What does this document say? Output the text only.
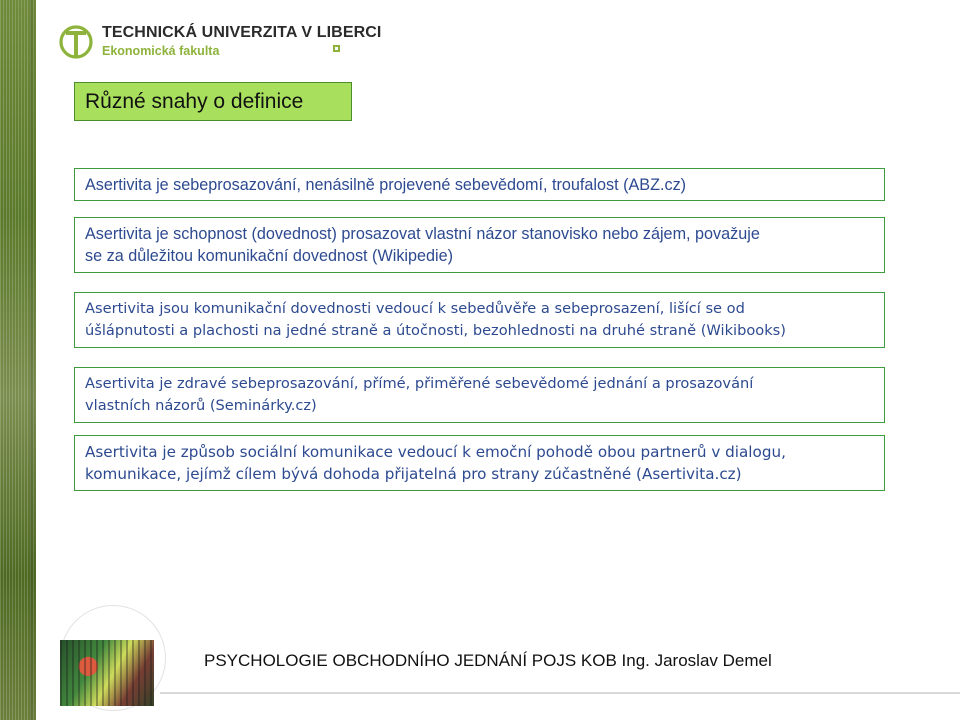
TECHNICKÁ UNIVERZITA V LIBERCI
Ekonomická fakulta
Různé snahy o definice
Asertivita je sebeprosazování, nenásilně projevené sebevědomí, troufalost (ABZ.cz)
Asertivita je schopnost (dovednost) prosazovat vlastní názor stanovisko nebo zájem, považuje
se za důležitou komunikační dovednost (Wikipedie)
Asertivita jsou komunikační dovednosti vedoucí k sebedůvěře a sebeprosazení, lišící se od
úšlápnutosti a plachosti na jedné straně a útočnosti, bezohlednosti na druhé straně (Wikibooks)
Asertivita je zdravé sebeprosazování, přímé, přiměřené sebevědomé jednání a prosazování
vlastních názorů (Seminárky.cz)
Asertivita je způsob sociální komunikace vedoucí k emoční pohodě obou partnerů v dialogu,
komunikace, jejímž cílem bývá dohoda přijatelná pro strany zúčastněné (Asertivita.cz)
PSYCHOLOGIE OBCHODNÍHO JEDNÁNÍ POJS KOB Ing. Jaroslav Demel
